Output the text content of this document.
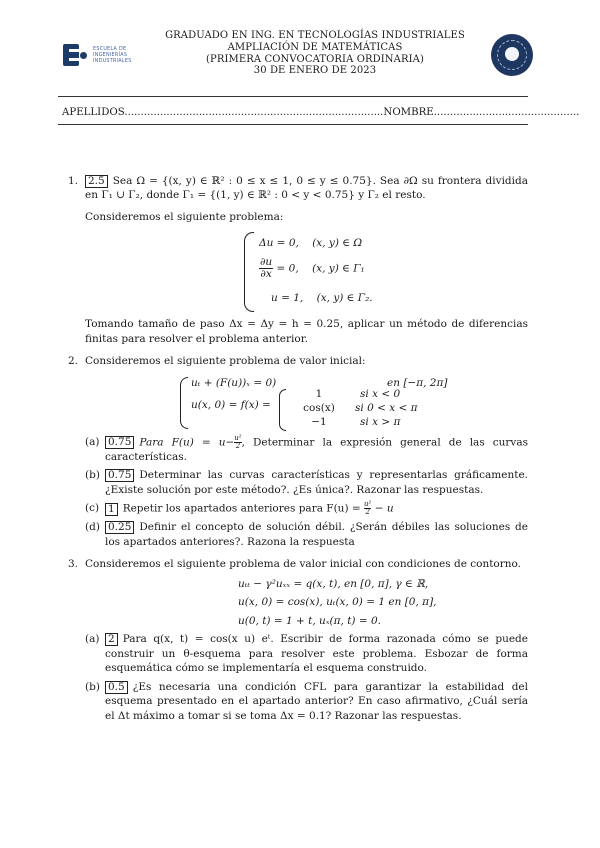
ESCUELA DE INGENIERÍAS INDUSTRIALES
GRADUADO EN ING. EN TECNOLOGÍAS INDUSTRIALES
AMPLIACIÓN DE MATEMÁTICAS
(PRIMERA CONVOCATORIA ORDINARIA)
30 DE ENERO DE 2023
APELLIDOS................................................................................NOMBRE.............................................
1. 2.5 Sea Ω = {(x, y) ∈ ℝ² : 0 ≤ x ≤ 1, 0 ≤ y ≤ 0.75}. Sea ∂Ω su frontera dividida en Γ₁ ∪ Γ₂, donde Γ₁ = {(1, y) ∈ ℝ² : 0 < y < 0.75} y Γ₂ el resto.

Consideremos el siguiente problema:

Δu = 0, (x, y) ∈ Ω
$\frac{\partial u}{\partial x} = 0$, (x, y) ∈ Γ₁
u = 1, (x, y) ∈ Γ₂.

Tomando tamaño de paso Δx = Δy = h = 0.25, aplicar un método de diferencias finitas para resolver el problema anterior.

2. Consideremos el siguiente problema de valor inicial:

uₜ + (F(u))ₓ = 0)	en [−π, 2π]
u(x, 0) = f(x) =
1	si x < 0
cos(x)	si 0 < x < π
−1	si x > π
(a) 0.75 Para $F(u) = u- \frac{\text{u²}}{2}$ , Determinar la expresión general de las curvas características.

(b) 0.75 Determinar las curvas características y representarlas gráficamente. ¿Existe solución por este método?. ¿Es única?. Razonar las respuestas.

(c) 1 Repetir los apartados anteriores para $F(u) = \frac{\text{u²}}{2} - u$

(d) 0.25 Definir el concepto de solución débil. ¿Serán débiles las soluciones de los apartados anteriores?. Razona la respuesta

3. Consideremos el siguiente problema de valor inicial con condiciones de contorno.

uₜₜ − γ²uₓₓ = q(x, t), en [0, π], γ ∈ ℝ,
u(x, 0) = cos(x), uₜ(x, 0) = 1 en [0, π],
u(0, t) = 1 + t, uₓ(π, t) = 0.
(a) 2 Para q(x, t) = cos(x u) eᵗ. Escribir de forma razonada cómo se puede construir un θ-esquema para resolver este problema. Esbozar de forma esquemática cómo se implementaría el esquema construido.

(b) 0.5 ¿Es necesaria una condición CFL para garantizar la estabilidad del esquema presentado en el apartado anterior? En caso afirmativo, ¿Cuál sería el Δt máximo a tomar si se toma Δx = 0.1? Razonar las respuestas.
